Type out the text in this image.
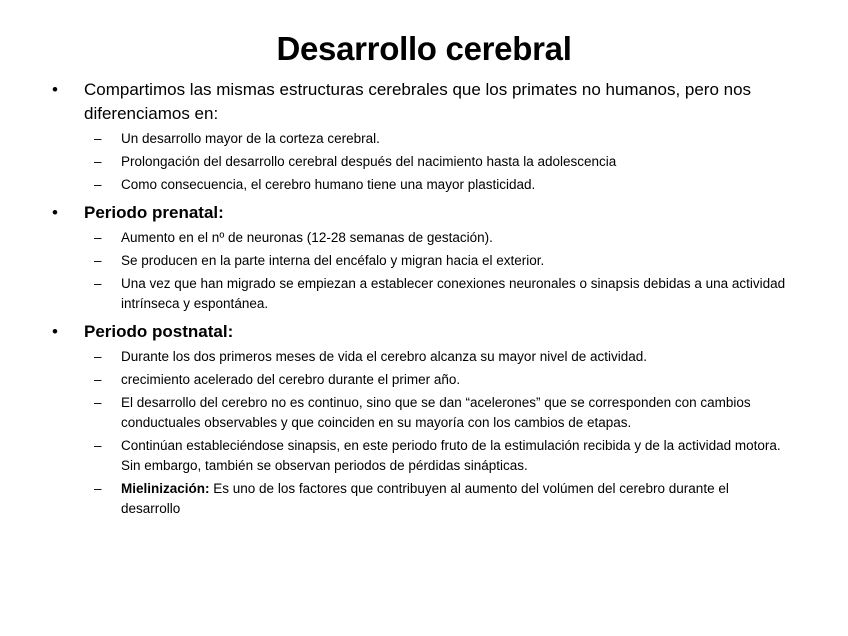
Desarrollo cerebral
• Compartimos las mismas estructuras cerebrales que los primates no humanos, pero nos diferenciamos en:
– Un desarrollo mayor de la corteza cerebral.
– Prolongación del desarrollo cerebral después del nacimiento hasta la adolescencia
– Como consecuencia, el cerebro humano tiene una mayor plasticidad.
• Periodo prenatal:
– Aumento en el nº de neuronas (12-28 semanas de gestación).
– Se producen en la parte interna del encéfalo y migran hacia el exterior.
– Una vez que han migrado se empiezan a establecer conexiones neuronales o sinapsis debidas a una actividad intrínseca y espontánea.
• Periodo postnatal:
– Durante los dos primeros meses de vida el cerebro alcanza su mayor nivel de actividad.
– crecimiento acelerado del cerebro durante el primer año.
– El desarrollo del cerebro no es continuo, sino que se dan “acelerones” que se corresponden con cambios conductuales observables y que coinciden en su mayoría con los cambios de etapas.
– Continúan estableciéndose sinapsis, en este periodo fruto de la estimulación recibida y de la actividad motora. Sin embargo, también se observan periodos de pérdidas sinápticas.
– Mielinización: Es uno de los factores que contribuyen al aumento del volúmen del cerebro durante el desarrollo
